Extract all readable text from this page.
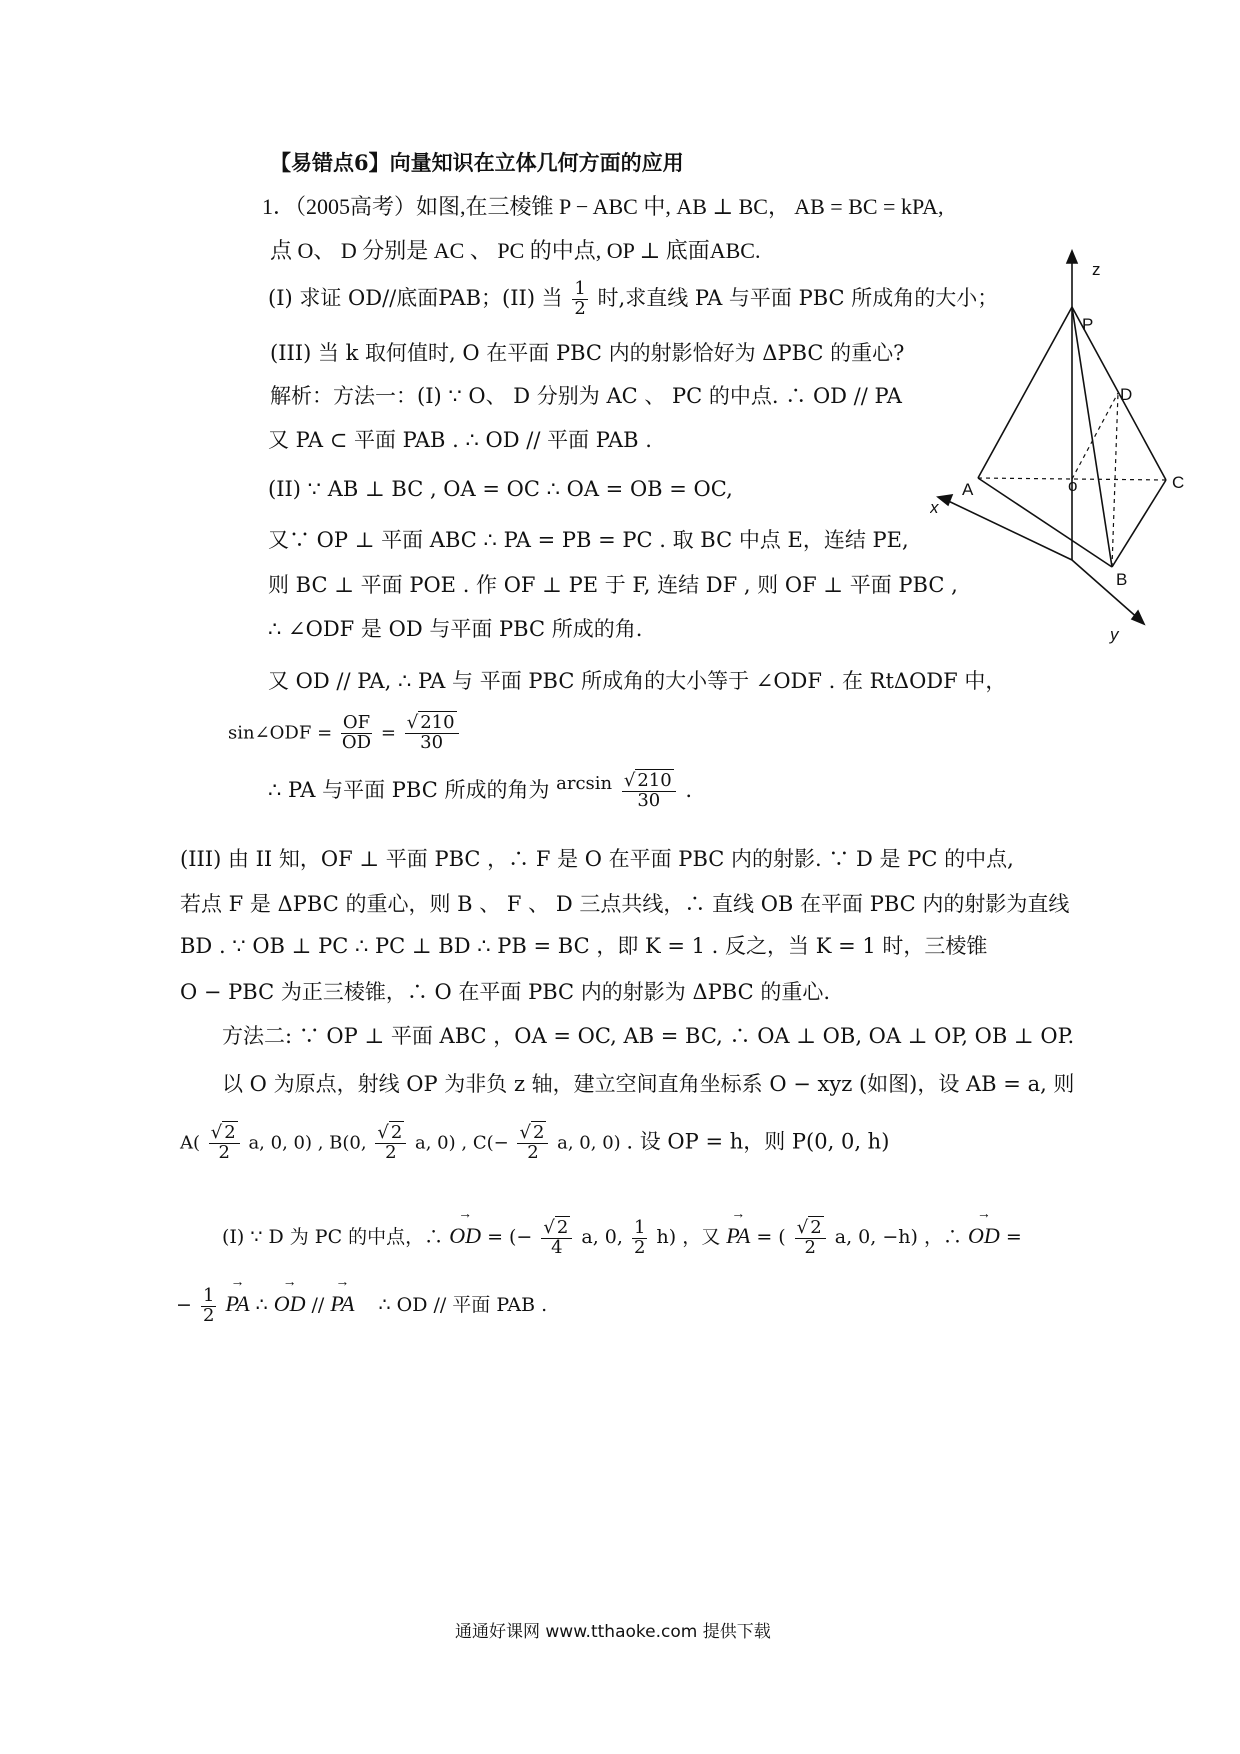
【易错点6】向量知识在立体几何方面的应用
1．（2005高考）如图,在三棱锥 P − ABC 中, AB ⊥ BC， AB = BC = kPA,
点 O、 D 分别是 AC 、 PC 的中点, OP ⊥ 底面ABC.
(I) 求证 OD//底面PAB；(II) 当 $\frac{1}{2}$ 时,求直线 PA 与平面 PBC 所成角的大小；
(III) 当 k 取何值时, O 在平面 PBC 内的射影恰好为 ΔPBC 的重心?
解析：方法一：(Ⅰ) ∵ O、 D 分别为 AC 、 PC 的中点. ∴ OD // PA
又 PA ⊂ 平面 PAB . ∴ OD // 平面 PAB .
(II) ∵ AB ⊥ BC , OA = OC ∴ OA = OB = OC,
又∵ OP ⊥ 平面 ABC ∴ PA = PB = PC . 取 BC 中点 E，连结 PE,
则 BC ⊥ 平面 POE . 作 OF ⊥ PE 于 F, 连结 DF , 则 OF ⊥ 平面 PBC ,
∴ ∠ODF 是 OD 与平面 PBC 所成的角.
又 OD // PA, ∴ PA 与 平面 PBC 所成角的大小等于 ∠ODF . 在 RtΔODF 中，
sin∠ODF = $\frac{OF}{OD} = \frac{√ 210}{30}$
∴ PA 与平面 PBC 所成的角为 $\arcsin \frac{√ 210}{30}$ .
(III) 由 II 知，OF ⊥ 平面 PBC ，∴ F 是 O 在平面 PBC 内的射影. ∵ D 是 PC 的中点,
若点 F 是 ΔPBC 的重心，则 B 、 F 、 D 三点共线，∴ 直线 OB 在平面 PBC 内的射影为直线
BD . ∵ OB ⊥ PC ∴ PC ⊥ BD ∴ PB = BC ，即 K = 1 . 反之，当 K = 1 时，三棱锥
O − PBC 为正三棱锥，∴ O 在平面 PBC 内的射影为 ΔPBC 的重心.
方法二: ∵ OP ⊥ 平面 ABC ，OA = OC, AB = BC, ∴ OA ⊥ OB, OA ⊥ OP, OB ⊥ OP.
以 O 为原点，射线 OP 为非负 z 轴，建立空间直角坐标系 O − xyz (如图)，设 AB = a, 则
$A( \frac{√ 2}{2} a$, 0, 0) , B(0, $\frac{√ 2}{2} a$, 0) , $C(- \frac{√ 2}{2} a$, 0, 0) . 设 OP = h，则 P(0, 0, h)
(I) ∵ D 为 PC 的中点，∴ → OD = (− $\frac{√ 2}{4} a$, 0, $\frac{1}{2} h$) ，又 → PA = ( $\frac{√ 2}{2} a$, 0, −h) ，∴ → OD =
− $\frac{1}{2}$ → PA ∴ → OD // → PA ∴ OD // 平面 PAB .
z
P
D
C
A	o
B
x
y
通通好课网 www.tthaoke.com 提供下载
